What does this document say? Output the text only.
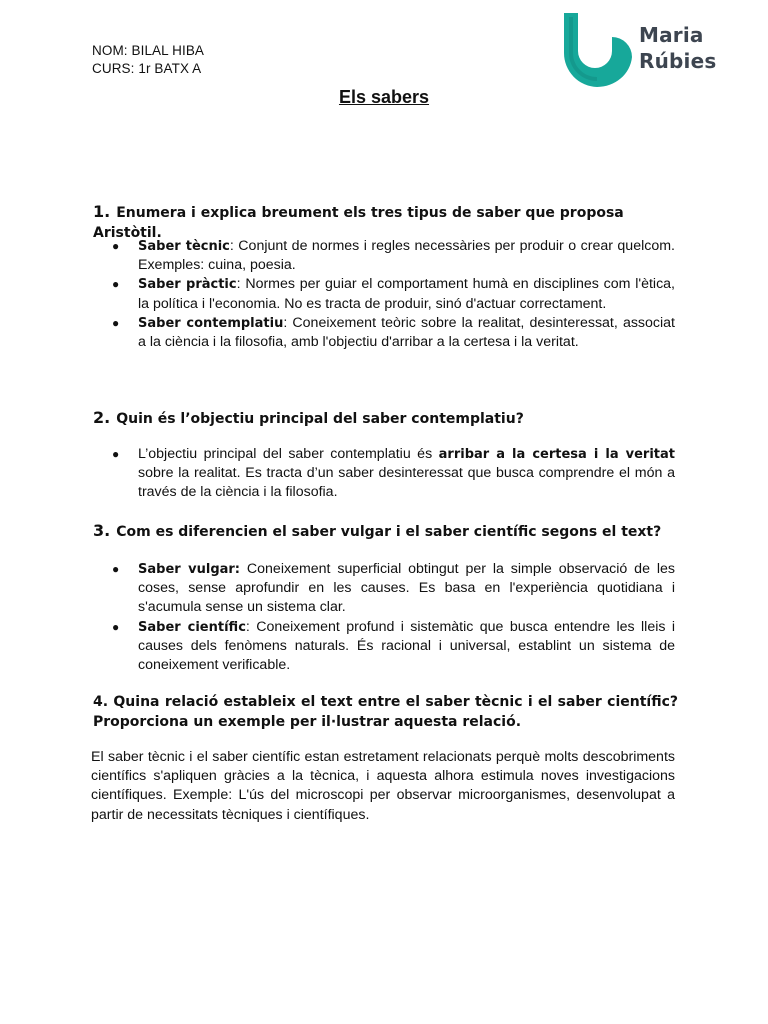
NOM: BILAL HIBA
CURS: 1r BATX A
Maria
Rúbies
Els sabers
1. Enumera i explica breument els tres tipus de saber que proposa Aristòtil.
● Saber tècnic: Conjunt de normes i regles necessàries per produir o crear quelcom. Exemples: cuina, poesia.
● Saber pràctic: Normes per guiar el comportament humà en disciplines com l'ètica, la política i l'economia. No es tracta de produir, sinó d'actuar correctament.
● Saber contemplatiu: Coneixement teòric sobre la realitat, desinteressat, associat a la ciència i la filosofia, amb l'objectiu d'arribar a la certesa i la veritat.
2. Quin és l’objectiu principal del saber contemplatiu?
● L’objectiu principal del saber contemplatiu és arribar a la certesa i la veritat sobre la realitat. Es tracta d’un saber desinteressat que busca comprendre el món a través de la ciència i la filosofia.
3. Com es diferencien el saber vulgar i el saber científic segons el text?
● Saber vulgar: Coneixement superficial obtingut per la simple observació de les coses, sense aprofundir en les causes. Es basa en l'experiència quotidiana i s'acumula sense un sistema clar.
● Saber científic: Coneixement profund i sistemàtic que busca entendre les lleis i causes dels fenòmens naturals. És racional i universal, establint un sistema de coneixement verificable.
4. Quina relació estableix el text entre el saber tècnic i el saber científic? Proporciona un exemple per il·lustrar aquesta relació.

El saber tècnic i el saber científic estan estretament relacionats perquè molts descobriments científics s'apliquen gràcies a la tècnica, i aquesta alhora estimula noves investigacions científiques. Exemple: L'ús del microscopi per observar microorganismes, desenvolupat a partir de necessitats tècniques i científiques.
